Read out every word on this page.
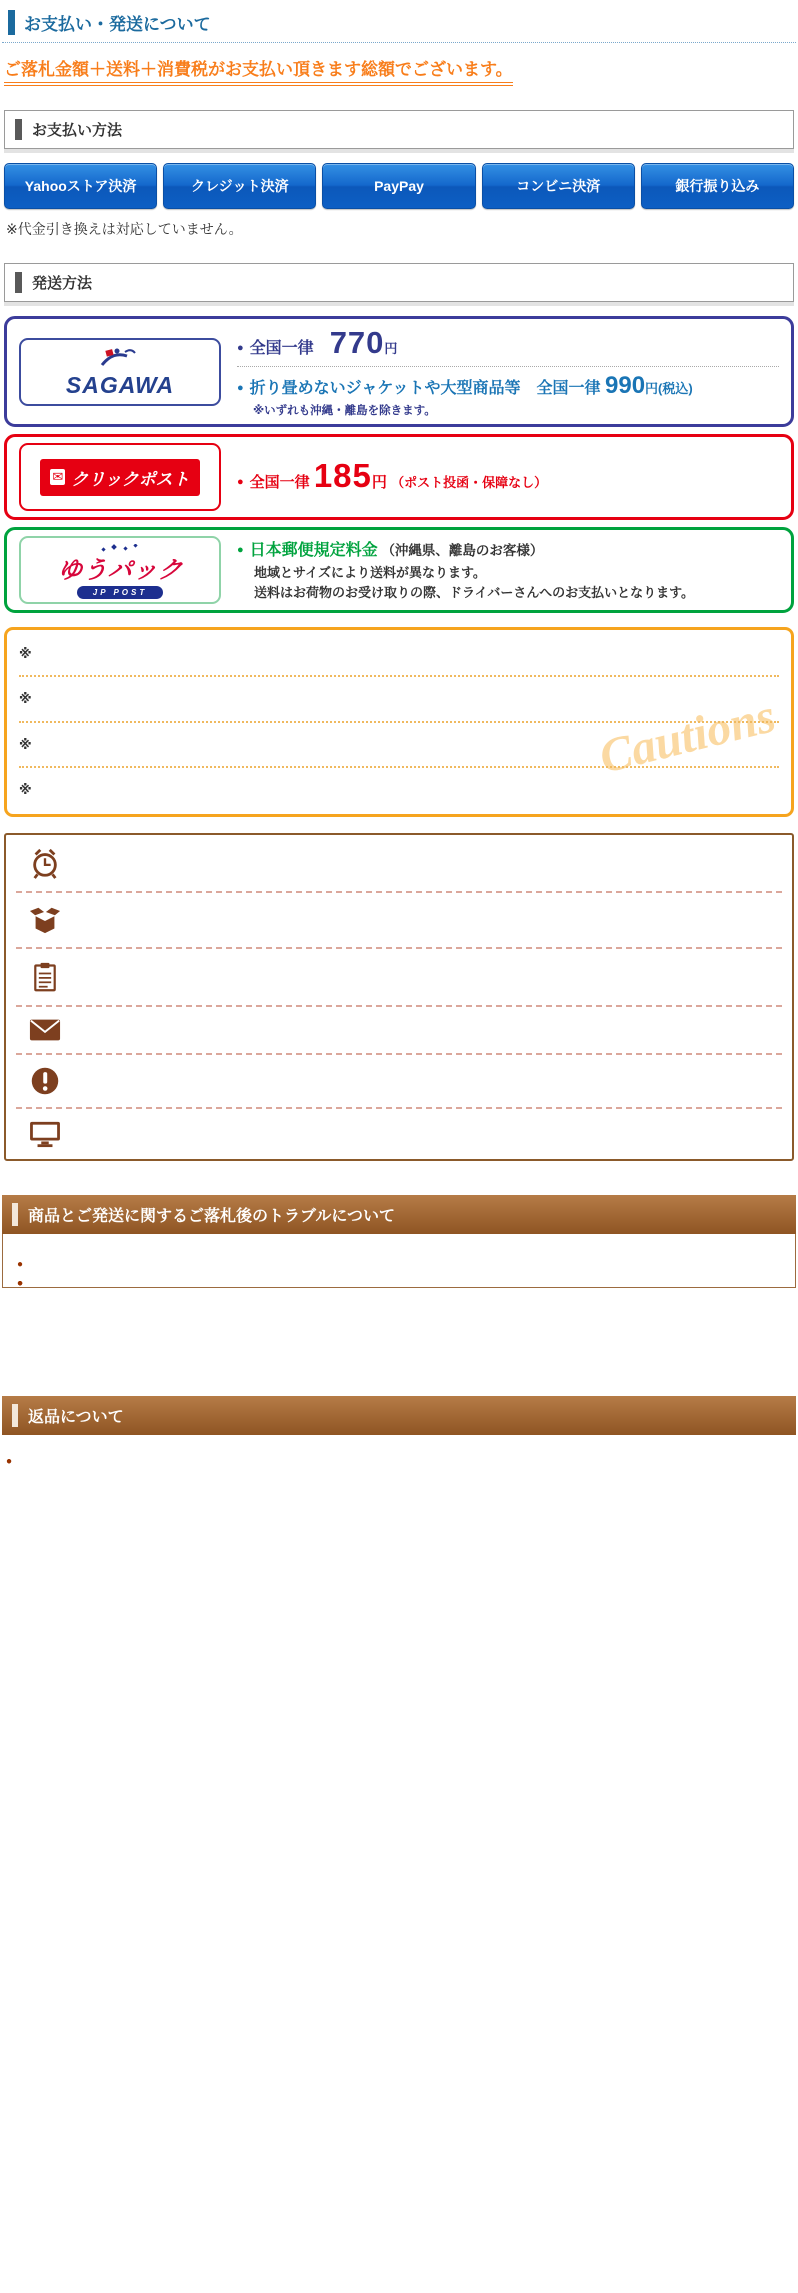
お支払い・発送について
ご落札金額＋送料＋消費税がお支払い頂きます総額でございます。
お支払い方法
Yahooストア決済	クレジット決済	PayPay	コンビニ決済	銀行振り込み
※代金引き換えは対応していません。
発送方法
SAGAWA
● 全国一律　 770円
● 折り畳めないジャケットや大型商品等　全国一律 990円(税込)
※いずれも沖縄・離島を除きます。
✉ クリックポスト	● 全国一律 185円 （ポスト投函・保障なし）
ゆうパック
JP POST
● 日本郵便規定料金 （沖縄県、離島のお客様）
地域とサイズにより送料が異なります。
送料はお荷物のお受け取りの際、ドライバーさんへのお支払いとなります。
Cautions
※
※
※
※
商品とご発送に関するご落札後のトラブルについて
返品について
